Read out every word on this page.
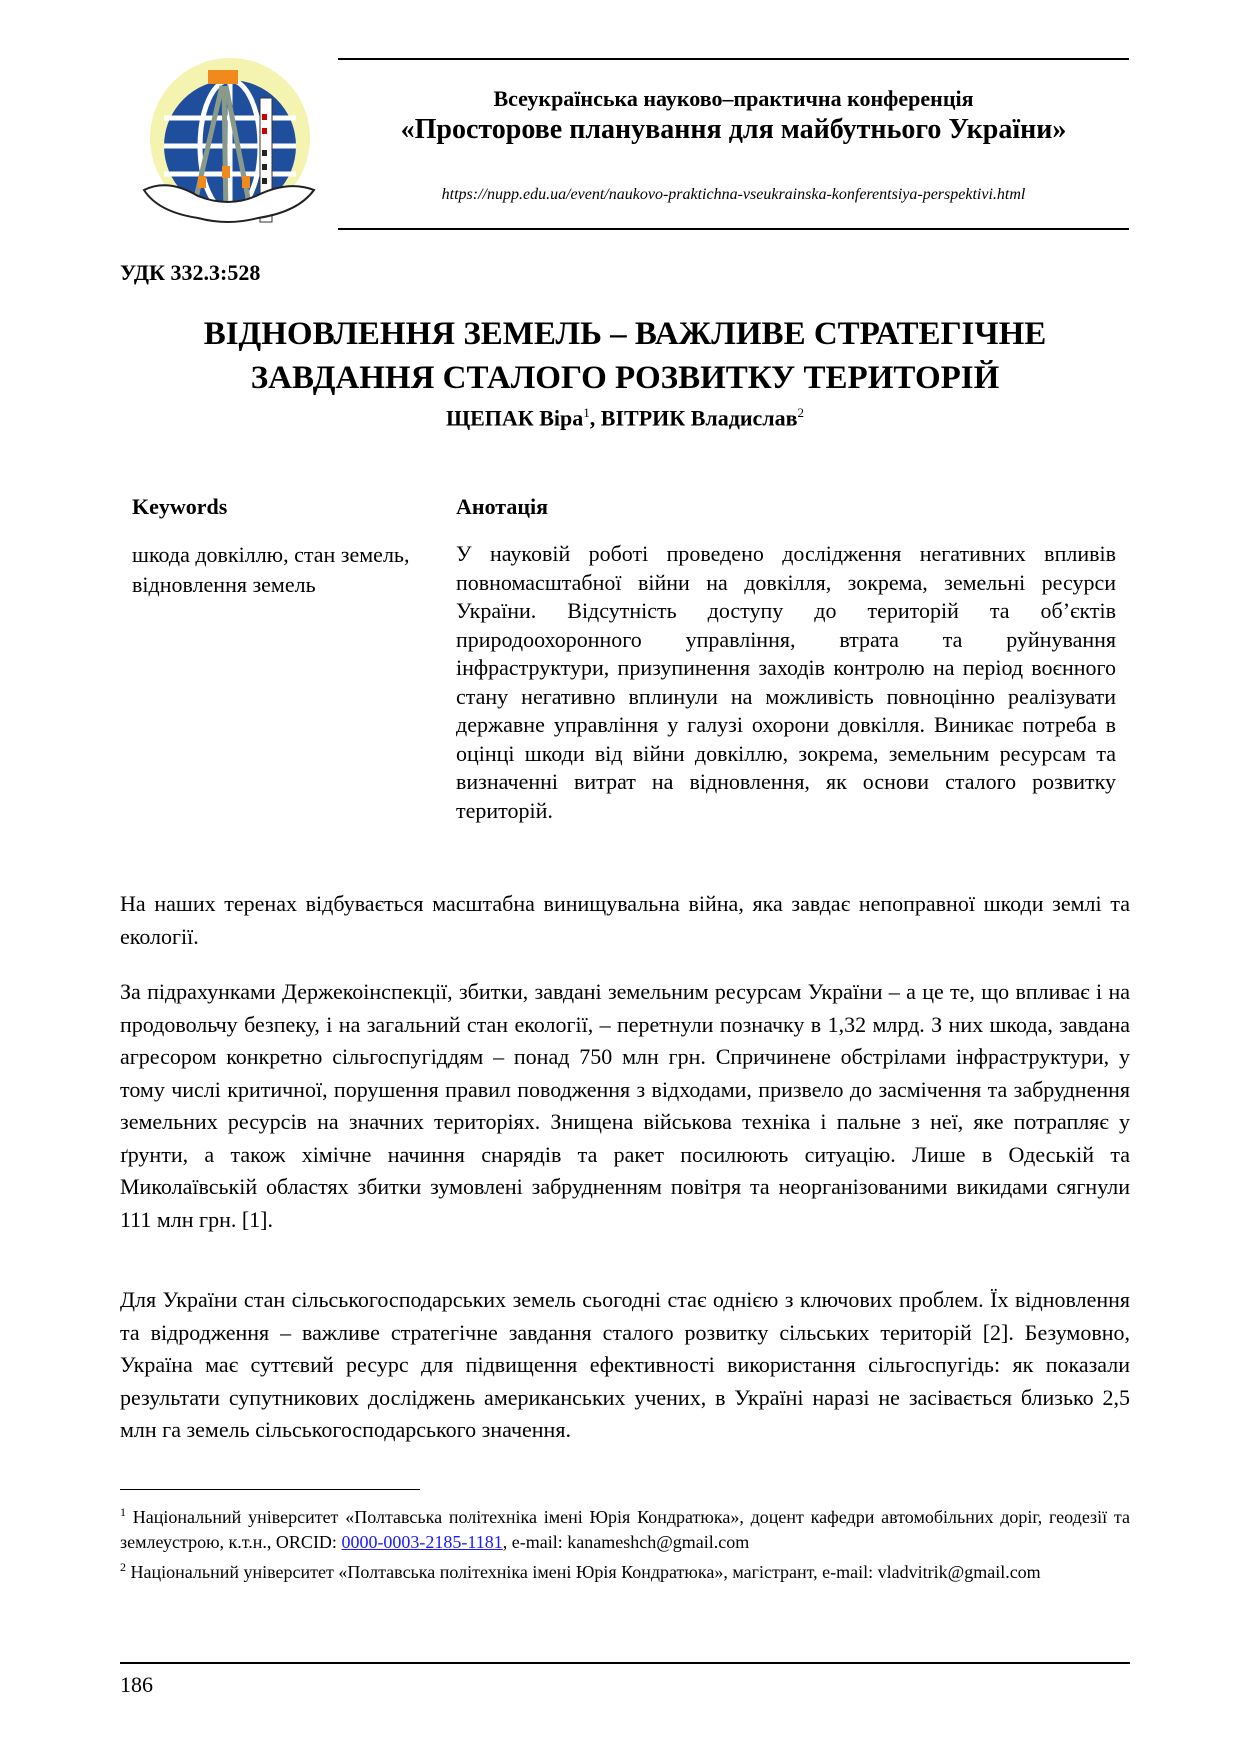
Всеукраїнська науково–практична конференція
«Просторове планування для майбутнього України»
https://nupp.edu.ua/event/naukovo-praktichna-vseukrainska-konferentsiya-perspektivi.html
УДК 332.3:528
ВІДНОВЛЕННЯ ЗЕМЕЛЬ – ВАЖЛИВЕ СТРАТЕГІЧНЕ
ЗАВДАННЯ СТАЛОГО РОЗВИТКУ ТЕРИТОРІЙ
ЩЕПАК Віра$^1$, ВІТРИК Владислав$^2$
Keywords	Анотація
шкода довкіллю, стан земель, відновлення земель
У науковій роботі проведено дослідження негативних впливів повномасштабної війни на довкілля, зокрема, земельні ресурси України. Відсутність доступу до територій та об’єктів природоохоронного управління, втрата та руйнування інфраструктури, призупинення заходів контролю на період воєнного стану негативно вплинули на можливість повноцінно реалізувати державне управління у галузі охорони довкілля. Виникає потреба в оцінці шкоди від війни довкіллю, зокрема, земельним ресурсам та визначенні витрат на відновлення, як основи сталого розвитку територій.

На наших теренах відбувається масштабна винищувальна війна, яка завдає непоправної шкоди землі та екології.

За підрахунками Держекоінспекції, збитки, завдані земельним ресурсам України – а це те, що впливає і на продовольчу безпеку, і на загальний стан екології, – перетнули позначку в 1,32 млрд. З них шкода, завдана агресором конкретно сільгоспугіддям – понад 750 млн грн. Спричинене обстрілами інфраструктури, у тому числі критичної, порушення правил поводження з відходами, призвело до засмічення та забруднення земельних ресурсів на значних територіях. Знищена військова техніка і пальне з неї, яке потрапляє у ґрунти, а також хімічне начиння снарядів та ракет посилюють ситуацію. Лише в Одеській та Миколаївській областях збитки зумовлені забрудненням повітря та неорганізованими викидами сягнули 111 млн грн. [1].

Для України стан сільськогосподарських земель сьогодні стає однією з ключових проблем. Їх відновлення та відродження – важливе стратегічне завдання сталого розвитку сільських територій [2]. Безумовно, Україна має суттєвий ресурс для підвищення ефективності використання сільгоспугідь: як показали результати супутникових досліджень американських учених, в Україні наразі не засівається близько 2,5 млн га земель сільськогосподарського значення.

$^1$ Національний університет «Полтавська політехніка імені Юрія Кондратюка», доцент кафедри автомобільних доріг, геодезії та землеустрою, к.т.н., ORCID: 0000-0003-2185-1181, e-mail: kanameshch@gmail.com

$^2$ Національний університет «Полтавська політехніка імені Юрія Кондратюка», магістрант, e-mail: vladvitrik@gmail.com

186
